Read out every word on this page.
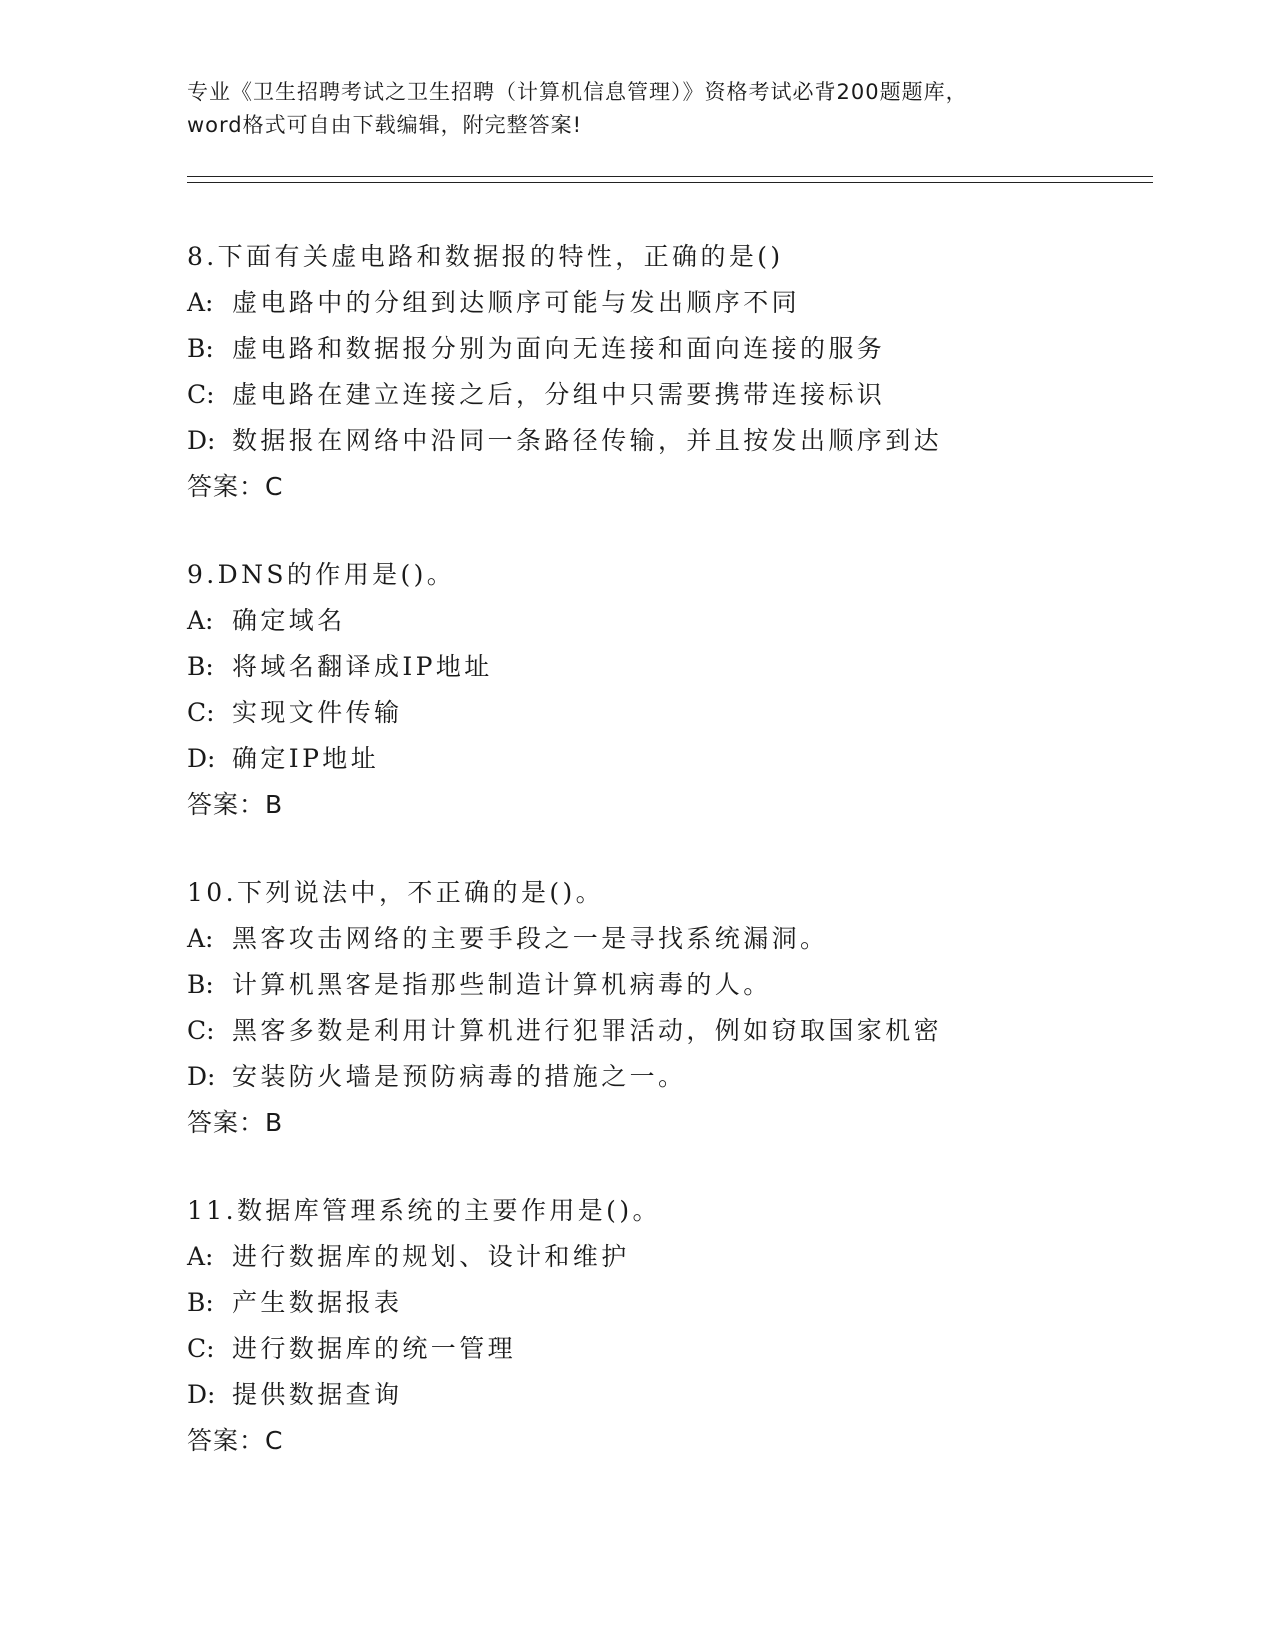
专业《卫生招聘考试之卫生招聘（计算机信息管理）》资格考试必背200题题库，
word格式可自由下载编辑，附完整答案!
8.下面有关虚电路和数据报的特性，正确的是()
A: 虚电路中的分组到达顺序可能与发出顺序不同
B: 虚电路和数据报分别为面向无连接和面向连接的服务
C: 虚电路在建立连接之后，分组中只需要携带连接标识
D: 数据报在网络中沿同一条路径传输，并且按发出顺序到达
答案：C
9.DNS的作用是()。
A: 确定域名
B: 将域名翻译成IP地址
C: 实现文件传输
D: 确定IP地址
答案：B
10.下列说法中，不正确的是()。
A: 黑客攻击网络的主要手段之一是寻找系统漏洞。
B: 计算机黑客是指那些制造计算机病毒的人。
C: 黑客多数是利用计算机进行犯罪活动，例如窃取国家机密
D: 安装防火墙是预防病毒的措施之一。
答案：B
11.数据库管理系统的主要作用是()。
A: 进行数据库的规划、设计和维护
B: 产生数据报表
C: 进行数据库的统一管理
D: 提供数据查询
答案：C
